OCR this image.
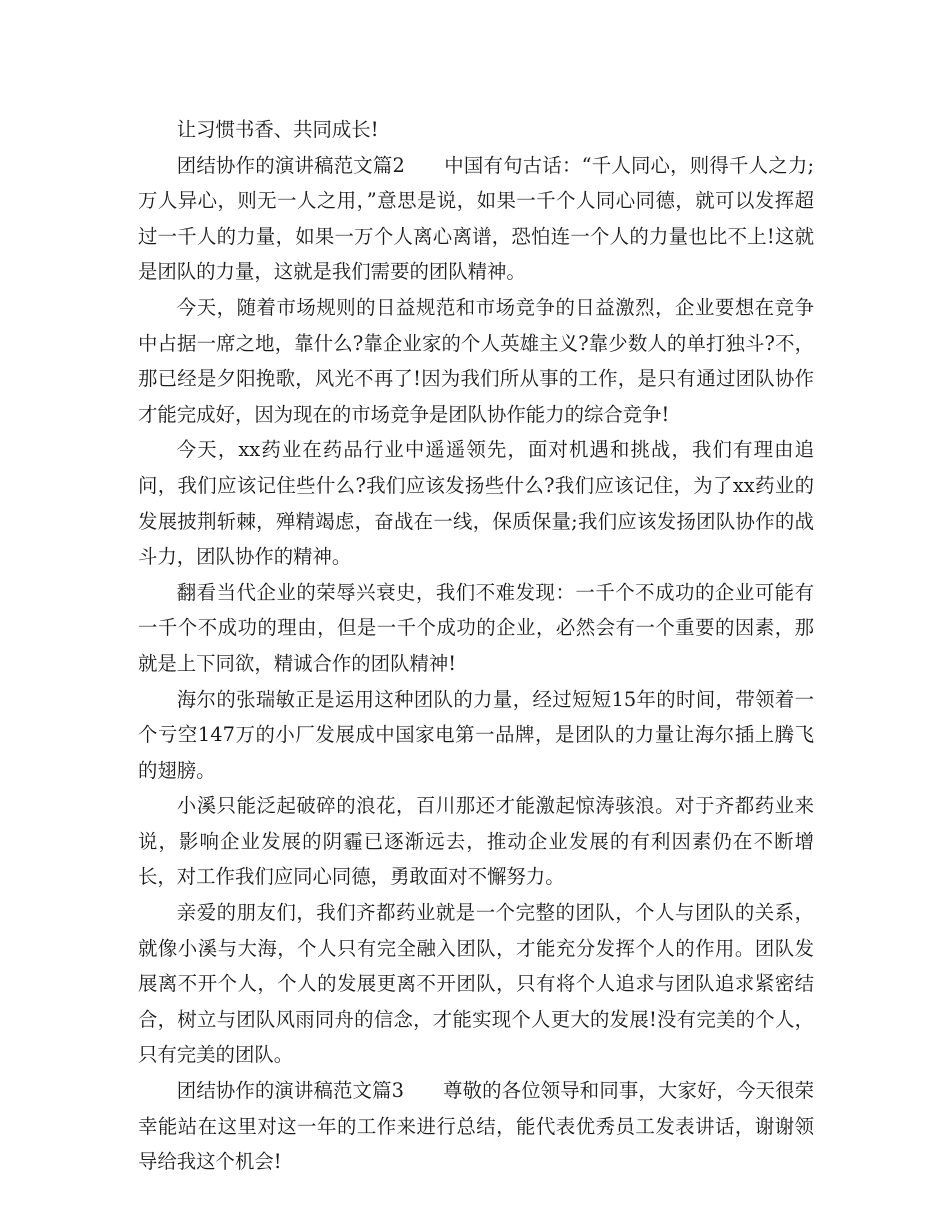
让习惯书香、共同成长!

团结协作的演讲稿范文篇2　　中国有句古话：“千人同心，则得千人之力;万人异心，则无一人之用，”意思是说，如果一千个人同心同德，就可以发挥超过一千人的力量，如果一万个人离心离谱，恐怕连一个人的力量也比不上!这就是团队的力量，这就是我们需要的团队精神。

今天，随着市场规则的日益规范和市场竞争的日益激烈，企业要想在竞争中占据一席之地，靠什么?靠企业家的个人英雄主义?靠少数人的单打独斗?不，那已经是夕阳挽歌，风光不再了!因为我们所从事的工作，是只有通过团队协作才能完成好，因为现在的市场竞争是团队协作能力的综合竞争!

今天，xx药业在药品行业中遥遥领先，面对机遇和挑战，我们有理由追问，我们应该记住些什么?我们应该发扬些什么?我们应该记住，为了xx药业的发展披荆斩棘，殚精竭虑，奋战在一线，保质保量;我们应该发扬团队协作的战斗力，团队协作的精神。

翻看当代企业的荣辱兴衰史，我们不难发现：一千个不成功的企业可能有一千个不成功的理由，但是一千个成功的企业，必然会有一个重要的因素，那就是上下同欲，精诚合作的团队精神!

海尔的张瑞敏正是运用这种团队的力量，经过短短15年的时间，带领着一个亏空147万的小厂发展成中国家电第一品牌，是团队的力量让海尔插上腾飞的翅膀。

小溪只能泛起破碎的浪花，百川那还才能激起惊涛骇浪。对于齐都药业来说，影响企业发展的阴霾已逐渐远去，推动企业发展的有利因素仍在不断增长，对工作我们应同心同德，勇敢面对不懈努力。

亲爱的朋友们，我们齐都药业就是一个完整的团队，个人与团队的关系，就像小溪与大海，个人只有完全融入团队，才能充分发挥个人的作用。团队发展离不开个人，个人的发展更离不开团队，只有将个人追求与团队追求紧密结合，树立与团队风雨同舟的信念，才能实现个人更大的发展!没有完美的个人，只有完美的团队。

团结协作的演讲稿范文篇3　　尊敬的各位领导和同事，大家好，今天很荣幸能站在这里对这一年的工作来进行总结，能代表优秀员工发表讲话，谢谢领导给我这个机会!
